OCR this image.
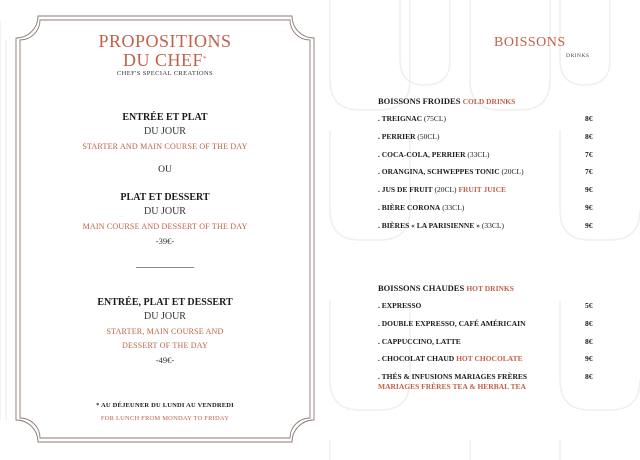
PROPOSITIONS
DU CHEF*
CHEF'S SPECIAL CREATIONS
ENTRÉE ET PLAT
DU JOUR
STARTER AND MAIN COURSE OF THE DAY
OU
PLAT ET DESSERT
DU JOUR
MAIN COURSE AND DESSERT OF THE DAY
-39€-
ENTRÉE, PLAT ET DESSERT
DU JOUR
STARTER, MAIN COURSE AND
DESSERT OF THE DAY
-49€-
* AU DÉJEUNER DU LUNDI AU VENDREDI
FOR LUNCH FROM MONDAY TO FRIDAY
BOISSONS
DRINKS
BOISSONS FROIDES COLD DRINKS
. TREIGNAC (75CL)	8€
. PERRIER (50CL)	8€
. COCA-COLA, PERRIER (33CL)	7€
. ORANGINA, SCHWEPPES TONIC (20CL)	7€
. JUS DE FRUIT (20CL) FRUIT JUICE	9€
. BIÈRE CORONA (33CL)	9€
. BIÈRES « LA PARISIENNE » (33CL)	9€
BOISSONS CHAUDES HOT DRINKS
. EXPRESSO	5€
. DOUBLE EXPRESSO, CAFÉ AMÉRICAIN	8€
. CAPPUCCINO, LATTE	8€
. CHOCOLAT CHAUD HOT CHOCOLATE	9€
. THÉS & INFUSIONS MARIAGES FRÈRES
MARIAGES FRÈRES TEA & HERBAL TEA
8€
